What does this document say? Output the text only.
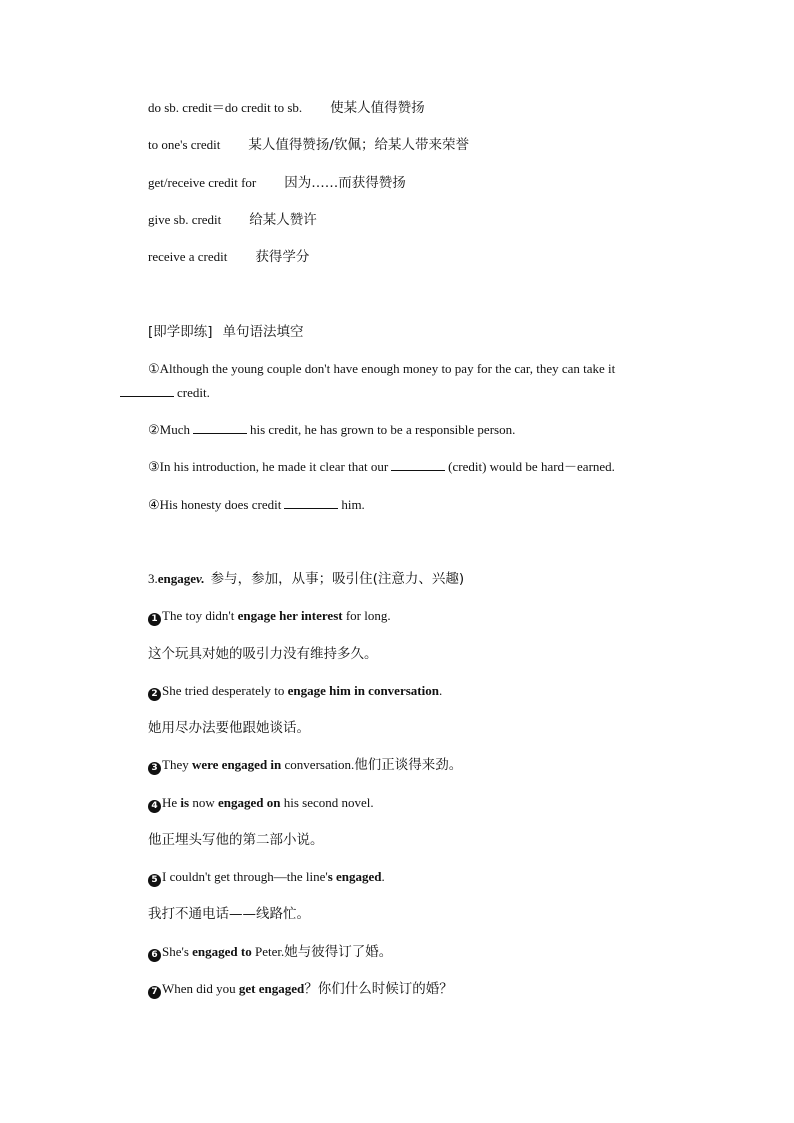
do sb. credit＝do credit to sb. 使某人值得赞扬
to one's credit 某人值得赞扬/钦佩；给某人带来荣誉
get/receive credit for 因为……而获得赞扬
give sb. credit 给某人赞许
receive a credit 获得学分
[即学即练] 单句语法填空
①Although the young couple don't have enough money to pay for the car, they can take it
credit.
②Much	his credit, he has grown to be a responsible person.
③In his introduction, he made it clear that our	(credit) would be hard－earned.
④His honesty does credit	him.
3.engagev. 参与，参加，从事；吸引住(注意力、兴趣)
1 The toy didn't engage her interest for long.
这个玩具对她的吸引力没有维持多久。
2 She tried desperately to engage him in conversation.
她用尽办法要他跟她谈话。
3 They were engaged in conversation.他们正谈得来劲。
4 He is now engaged on his second novel.
他正埋头写他的第二部小说。
5 I couldn't get through—the line's engaged.
我打不通电话——线路忙。
6 She's engaged to Peter.她与彼得订了婚。
7 When did you get engaged？你们什么时候订的婚？
